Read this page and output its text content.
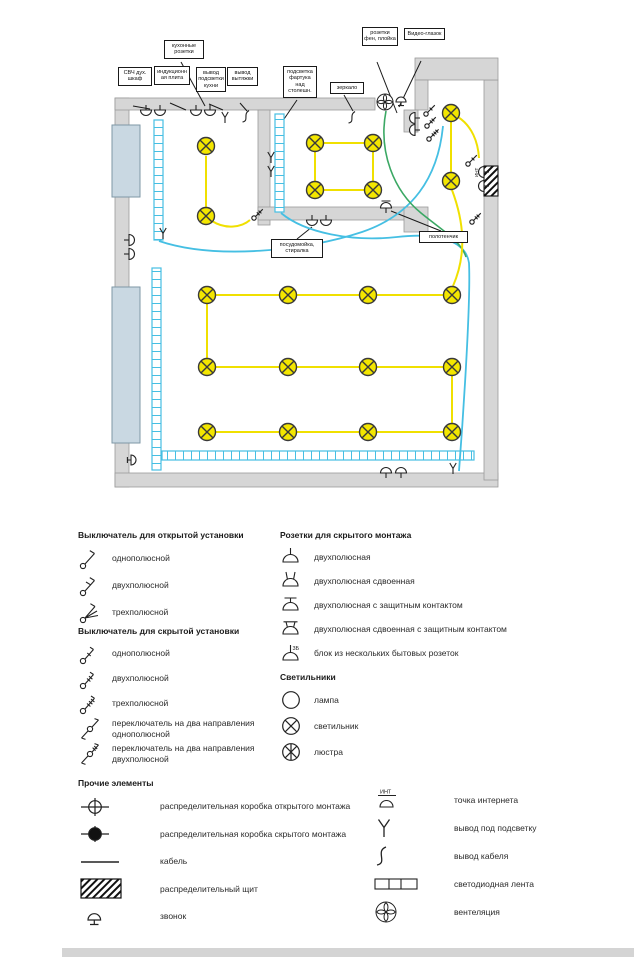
ИНТ
СВЧ дух. шкаф
индукционная плита
кухонные розетки
вывод подсветки кухни
вывод вытяжки
подсветка фартука над столешн.
зеркало
розетки фен, плойка
Видео-глазок
посудомойка, стиралка
полотенчик
Выключатель для открытой установки
однополюсной
двухполюсной
трехполюсной
Выключатель для скрытой установки
однополюсной
двухполюсной
трехполюсной
переключатель на два направления однополюсной
переключатель на два направления двухполюсной
Розетки для скрытого монтажа
двухполюсная
двухполюсная сдвоенная
двухполюсная с защитным контактом
двухполюсная сдвоенная с защитным контактом
3Б блок из нескольких бытовых розеток
Светильники
лампа
светильник
люстра
Прочие элементы
распределительная коробка открытого монтажа
распределительная коробка скрытого монтажа
кабель
распределительный щит
звонок
ИНТ
точка интернета
вывод под подсветку
вывод кабеля
светодиодная лента
вентеляция
